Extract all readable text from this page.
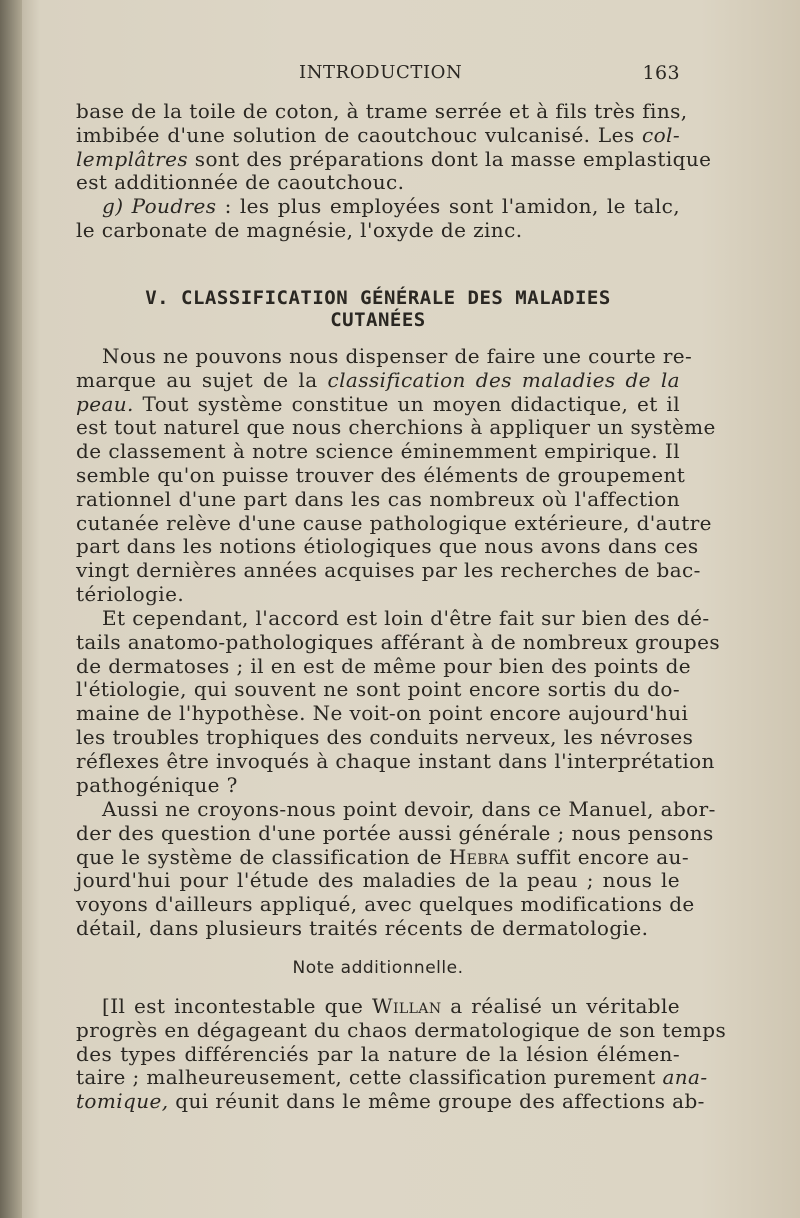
INTRODUCTION	163
base de la toile de coton, à trame serrée et à fils très fins,
imbibée d'une solution de caoutchouc vulcanisé. Les col-
lemplâtres sont des préparations dont la masse emplastique
est additionnée de caoutchouc.
g) Poudres : les plus employées sont l'amidon, le talc,
le carbonate de magnésie, l'oxyde de zinc.
V. CLASSIFICATION GÉNÉRALE DES MALADIES
CUTANÉES
Nous ne pouvons nous dispenser de faire une courte re-
marque au sujet de la classification des maladies de la
peau. Tout système constitue un moyen didactique, et il
est tout naturel que nous cherchions à appliquer un système
de classement à notre science éminemment empirique. Il
semble qu'on puisse trouver des éléments de groupement
rationnel d'une part dans les cas nombreux où l'affection
cutanée relève d'une cause pathologique extérieure, d'autre
part dans les notions étiologiques que nous avons dans ces
vingt dernières années acquises par les recherches de bac-
tériologie.
Et cependant, l'accord est loin d'être fait sur bien des dé-
tails anatomo-pathologiques afférant à de nombreux groupes
de dermatoses ; il en est de même pour bien des points de
l'étiologie, qui souvent ne sont point encore sortis du do-
maine de l'hypothèse. Ne voit-on point encore aujourd'hui
les troubles trophiques des conduits nerveux, les névroses
réflexes être invoqués à chaque instant dans l'interprétation
pathogénique ?
Aussi ne croyons-nous point devoir, dans ce Manuel, abor-
der des question d'une portée aussi générale ; nous pensons
que le système de classification de Hebra suffit encore au-
jourd'hui pour l'étude des maladies de la peau ; nous le
voyons d'ailleurs appliqué, avec quelques modifications de
détail, dans plusieurs traités récents de dermatologie.
Note additionnelle.
[Il est incontestable que Willan a réalisé un véritable
progrès en dégageant du chaos dermatologique de son temps
des types différenciés par la nature de la lésion élémen-
taire ; malheureusement, cette classification purement ana-
tomique, qui réunit dans le même groupe des affections ab-
